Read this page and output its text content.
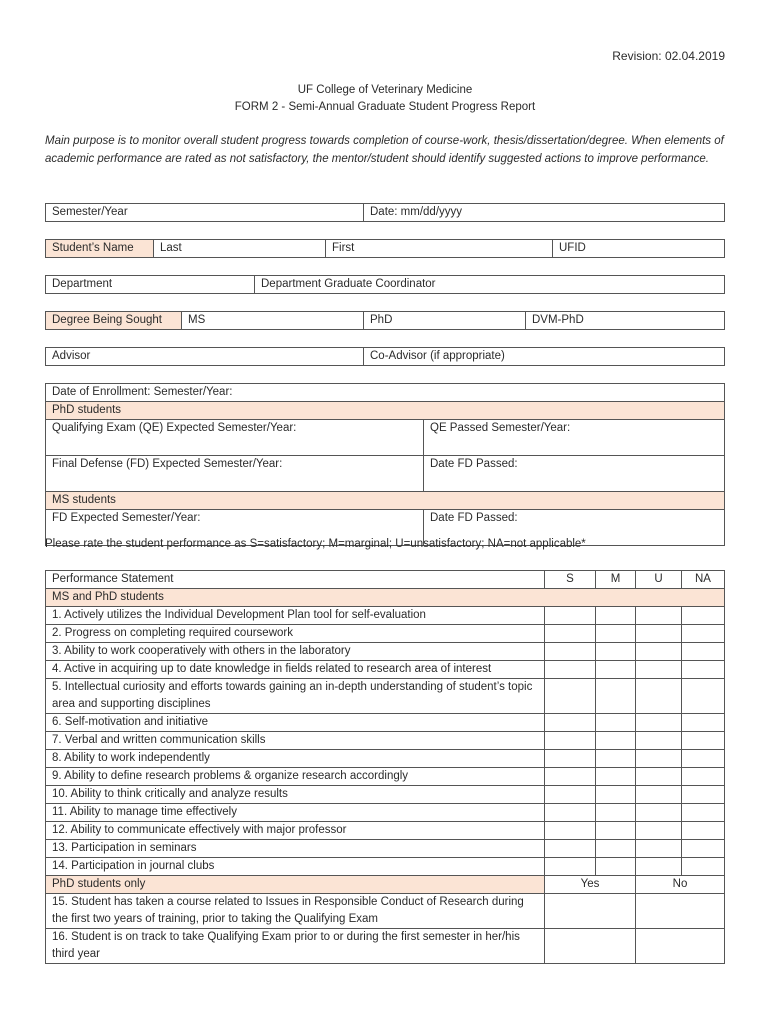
Revision: 02.04.2019
UF College of Veterinary Medicine
FORM 2 - Semi-Annual Graduate Student Progress Report
Main purpose is to monitor overall student progress towards completion of course-work, thesis/dissertation/degree. When elements of academic performance are rated as not satisfactory, the mentor/student should identify suggested actions to improve performance.
Semester/Year	Date: mm/dd/yyyy
Student’s Name	Last	First	UFID
Department	Department Graduate Coordinator
Degree Being Sought	MS	PhD	DVM-PhD
Advisor	Co-Advisor (if appropriate)
Date of Enrollment: Semester/Year:	
PhD students	
Qualifying Exam (QE) Expected Semester/Year:	QE Passed Semester/Year:
Final Defense (FD) Expected Semester/Year:	Date FD Passed:
MS students	
FD Expected Semester/Year:	Date FD Passed:
Please rate the student performance as S=satisfactory; M=marginal; U=unsatisfactory; NA=not applicable*
Performance Statement	S	M	U	NA
MS and PhD students				
1. Actively utilizes the Individual Development Plan tool for self-evaluation				
2. Progress on completing required coursework				
3. Ability to work cooperatively with others in the laboratory				
4. Active in acquiring up to date knowledge in fields related to research area of interest				
5. Intellectual curiosity and efforts towards gaining an in-depth understanding of student’s topic area and supporting disciplines				
6. Self-motivation and initiative				
7. Verbal and written communication skills				
8. Ability to work independently				
9. Ability to define research problems & organize research accordingly				
10. Ability to think critically and analyze results				
11. Ability to manage time effectively				
12. Ability to communicate effectively with major professor				
13. Participation in seminars				
14. Participation in journal clubs				
PhD students only	Yes		No	
15. Student has taken a course related to Issues in Responsible Conduct of Research during the first two years of training, prior to taking the Qualifying Exam				
16. Student is on track to take Qualifying Exam prior to or during the first semester in her/his third year				
